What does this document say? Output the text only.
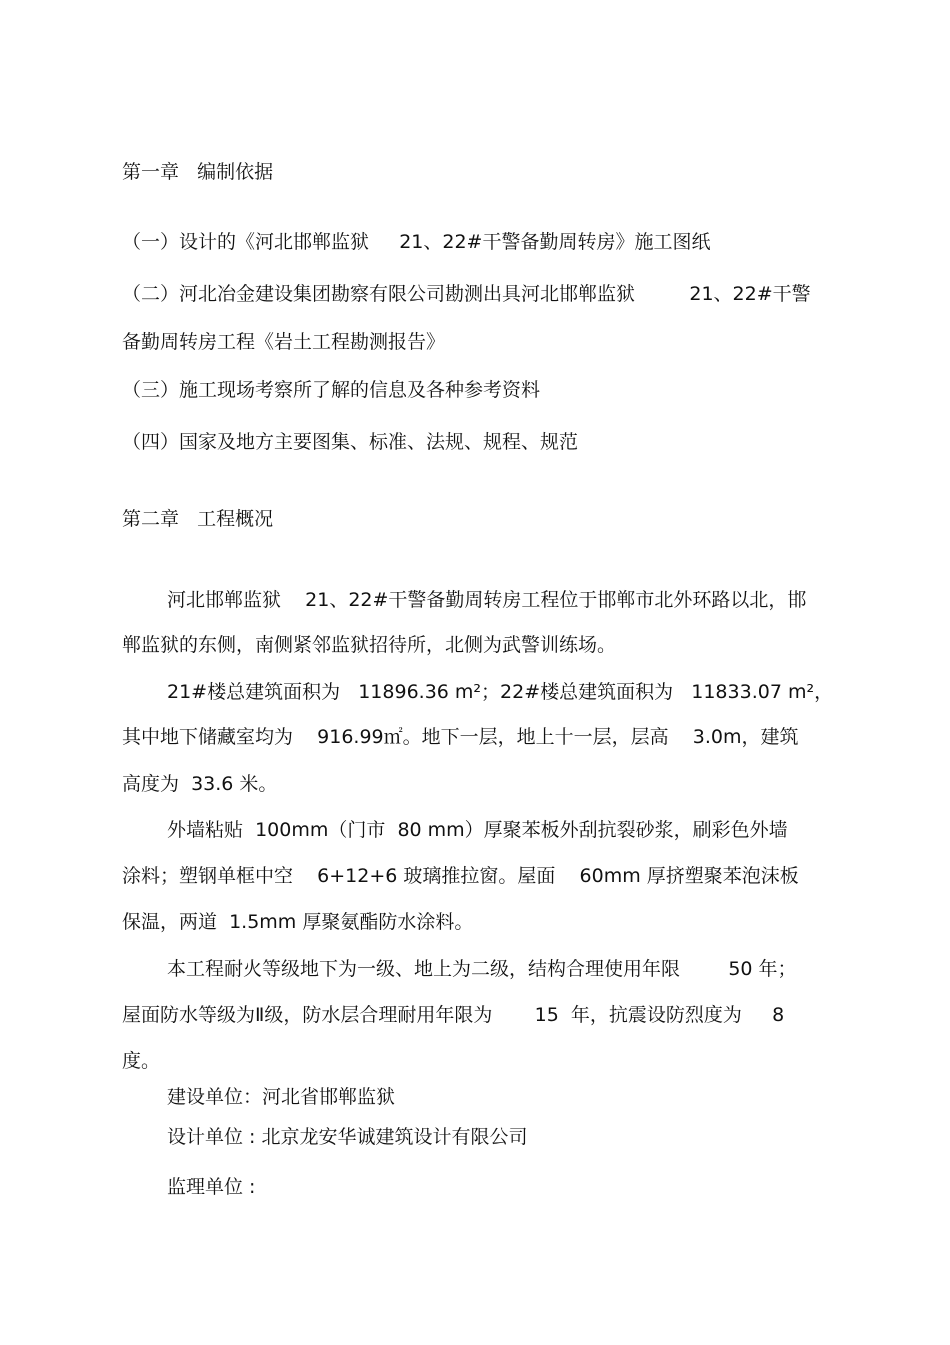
第一章   编制依据
（一）设计的《河北邯郸监狱     21、22#干警备勤周转房》施工图纸
（二）河北冶金建设集团勘察有限公司勘测出具河北邯郸监狱         21、22#干警
备勤周转房工程《岩土工程勘测报告》
（三）施工现场考察所了解的信息及各种参考资料
（四）国家及地方主要图集、标准、法规、规程、规范
第二章   工程概况
河北邯郸监狱    21、22#干警备勤周转房工程位于邯郸市北外环路以北，邯
郸监狱的东侧，南侧紧邻监狱招待所，北侧为武警训练场。
21#楼总建筑面积为   11896.36 m²；22#楼总建筑面积为   11833.07 m²，
其中地下储藏室均为    916.99㎡。地下一层，地上十一层，层高    3.0m，建筑
高度为  33.6 米。
外墙粘贴  100mm（门市  80 mm）厚聚苯板外刮抗裂砂浆，刷彩色外墙
涂料；塑钢单框中空    6+12+6 玻璃推拉窗。屋面    60mm 厚挤塑聚苯泡沫板
保温，两道  1.5mm 厚聚氨酯防水涂料。
本工程耐火等级地下为一级、地上为二级，结构合理使用年限        50 年；
屋面防水等级为Ⅱ级，防水层合理耐用年限为       15  年，抗震设防烈度为     8
度。
建设单位：河北省邯郸监狱
设计单位 : 北京龙安华诚建筑设计有限公司
监理单位 :
